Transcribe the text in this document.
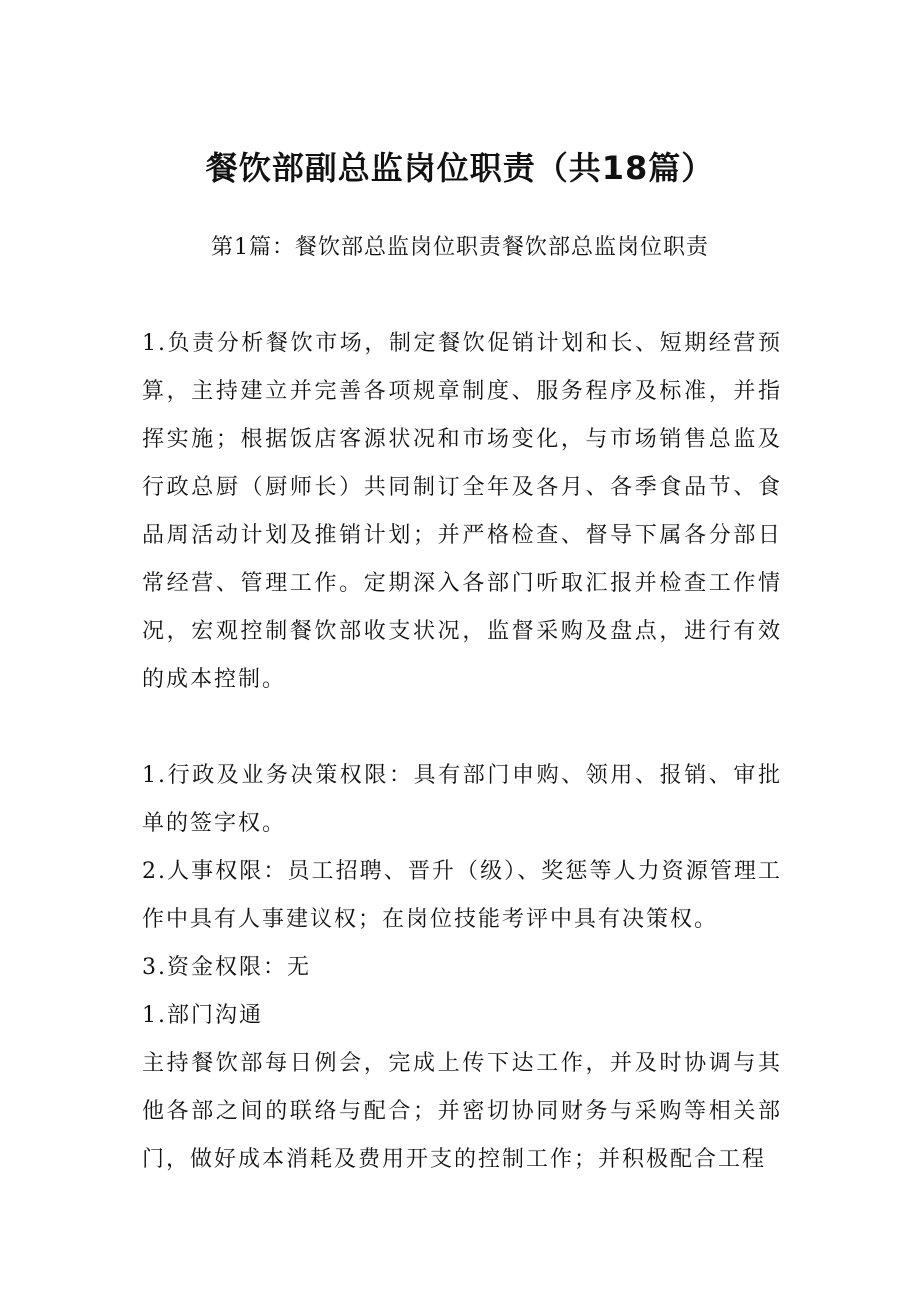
餐饮部副总监岗位职责（共18篇）

第1篇：餐饮部总监岗位职责餐饮部总监岗位职责

1.负责分析餐饮市场，制定餐饮促销计划和长、短期经营预算，主持建立并完善各项规章制度、服务程序及标准，并指挥实施；根据饭店客源状况和市场变化，与市场销售总监及行政总厨（厨师长）共同制订全年及各月、各季食品节、食品周活动计划及推销计划；并严格检查、督导下属各分部日常经营、管理工作。定期深入各部门听取汇报并检查工作情况，宏观控制餐饮部收支状况，监督采购及盘点，进行有效的成本控制。

1.行政及业务决策权限：具有部门申购、领用、报销、审批单的签字权。

2.人事权限：员工招聘、晋升（级）、奖惩等人力资源管理工作中具有人事建议权；在岗位技能考评中具有决策权。

3.资金权限：无

1.部门沟通

主持餐饮部每日例会，完成上传下达工作，并及时协调与其他各部之间的联络与配合；并密切协同财务与采购等相关部门，做好成本消耗及费用开支的控制工作；并积极配合工程
